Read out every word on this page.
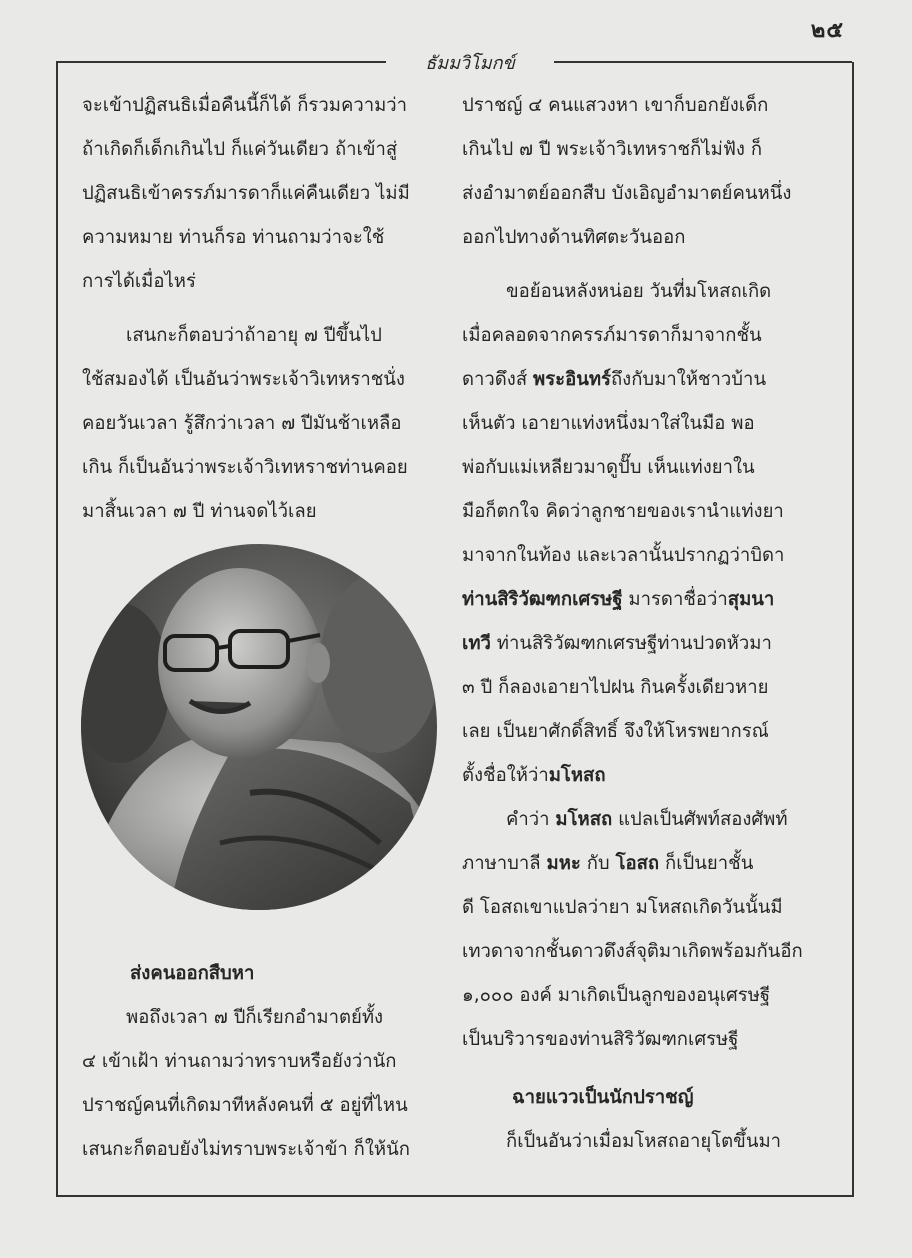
๒๕
ธัมมวิโมกข์
จะเข้าปฏิสนธิเมื่อคืนนี้ก็ได้ ก็รวมความว่า
ถ้าเกิดก็เด็กเกินไป ก็แค่วันเดียว ถ้าเข้าสู่
ปฏิสนธิเข้าครรภ์มารดาก็แค่คืนเดียว ไม่มี
ความหมาย ท่านก็รอ ท่านถามว่าจะใช้
การได้เมื่อไหร่
เสนกะก็ตอบว่าถ้าอายุ ๗ ปีขึ้นไป
ใช้สมองได้ เป็นอันว่าพระเจ้าวิเทหราชนั่ง
คอยวันเวลา รู้สึกว่าเวลา ๗ ปีมันช้าเหลือ
เกิน ก็เป็นอันว่าพระเจ้าวิเทหราชท่านคอย
มาสิ้นเวลา ๗ ปี ท่านจดไว้เลย
ส่งคนออกสืบหา
พอถึงเวลา ๗ ปีก็เรียกอำมาตย์ทั้ง
๔ เข้าเฝ้า ท่านถามว่าทราบหรือยังว่านัก
ปราชญ์คนที่เกิดมาทีหลังคนที่ ๕ อยู่ที่ไหน
เสนกะก็ตอบยังไม่ทราบพระเจ้าข้า ก็ให้นัก
ปราชญ์ ๔ คนแสวงหา เขาก็บอกยังเด็ก
เกินไป ๗ ปี พระเจ้าวิเทหราชก็ไม่ฟัง ก็
ส่งอำมาตย์ออกสืบ บังเอิญอำมาตย์คนหนึ่ง
ออกไปทางด้านทิศตะวันออก
ขอย้อนหลังหน่อย วันที่มโหสถเกิด
เมื่อคลอดจากครรภ์มารดาก็มาจากชั้น
ดาวดึงส์ พระอินทร์ถึงกับมาให้ชาวบ้าน
เห็นตัว เอายาแท่งหนึ่งมาใส่ในมือ พอ
พ่อกับแม่เหลียวมาดูปั๊บ เห็นแท่งยาใน
มือก็ตกใจ คิดว่าลูกชายของเรานำแท่งยา
มาจากในท้อง และเวลานั้นปรากฏว่าบิดา
ท่านสิริวัฒฑกเศรษฐี มารดาชื่อว่าสุมนา
เทวี ท่านสิริวัฒฑกเศรษฐีท่านปวดหัวมา
๓ ปี ก็ลองเอายาไปฝน กินครั้งเดียวหาย
เลย เป็นยาศักดิ์สิทธิ์ จึงให้โหรพยากรณ์
ตั้งชื่อให้ว่ามโหสถ
คำว่า มโหสถ แปลเป็นศัพท์สองศัพท์
ภาษาบาลี มหะ กับ โอสถ ก็เป็นยาชั้น
ดี โอสถเขาแปลว่ายา มโหสถเกิดวันนั้นมี
เทวดาจากชั้นดาวดึงส์จุติมาเกิดพร้อมกันอีก
๑,๐๐๐ องค์ มาเกิดเป็นลูกของอนุเศรษฐี
เป็นบริวารของท่านสิริวัฒฑกเศรษฐี
ฉายแววเป็นนักปราชญ์
ก็เป็นอันว่าเมื่อมโหสถอายุโตขึ้นมา
